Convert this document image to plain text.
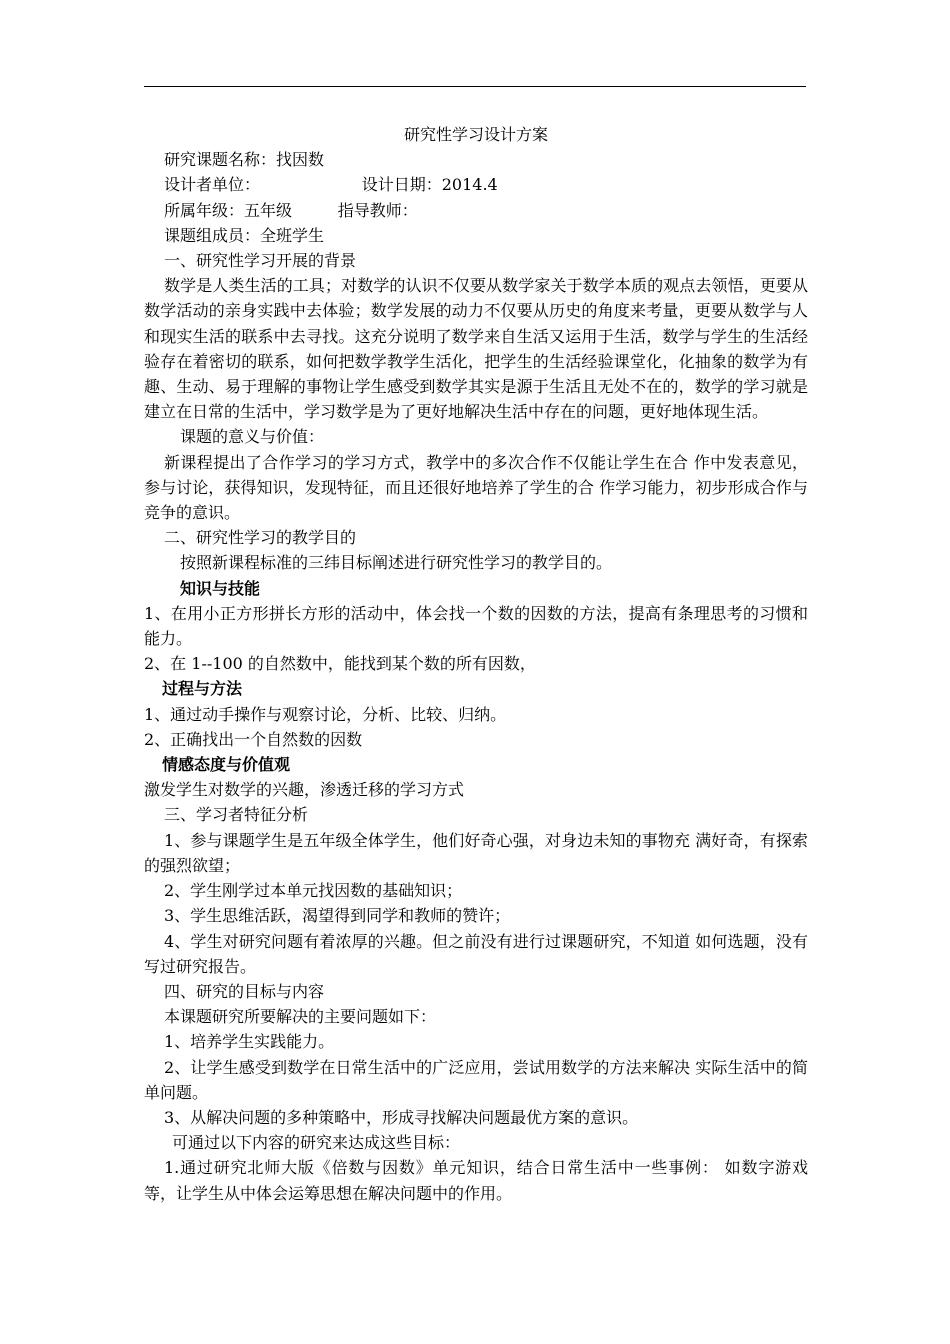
研究性学习设计方案
研究课题名称：找因数
设计者单位：                    设计日期：2014.4
所属年级：五年级         指导教师：
课题组成员：全班学生
一、研究性学习开展的背景

数学是人类生活的工具；对数学的认识不仅要从数学家关于数学本质的观点去领悟，更要从数学活动的亲身实践中去体验；数学发展的动力不仅要从历史的角度来考量，更要从数学与人和现实生活的联系中去寻找。这充分说明了数学来自生活又运用于生活，数学与学生的生活经验存在着密切的联系，如何把数学教学生活化，把学生的生活经验课堂化，化抽象的数学为有趣、生动、易于理解的事物让学生感受到数学其实是源于生活且无处不在的，数学的学习就是建立在日常的生活中，学习数学是为了更好地解决生活中存在的问题，更好地体现生活。

课题的意义与价值：

新课程提出了合作学习的学习方式，教学中的多次合作不仅能让学生在合 作中发表意见，参与讨论，获得知识，发现特征，而且还很好地培养了学生的合 作学习能力，初步形成合作与竞争的意识。

二、研究性学习的教学目的
按照新课程标准的三纬目标阐述进行研究性学习的教学目的。
知识与技能

1、在用小正方形拼长方形的活动中，体会找一个数的因数的方法，提高有条理思考的习惯和能力。

2、在 1--100 的自然数中，能找到某个数的所有因数，

过程与方法

1、通过动手操作与观察讨论，分析、比较、归纳。

2、正确找出一个自然数的因数

情感态度与价值观

激发学生对数学的兴趣，渗透迁移的学习方式

三、学习者特征分析

1、参与课题学生是五年级全体学生，他们好奇心强，对身边未知的事物充 满好奇，有探索的强烈欲望；

2、学生刚学过本单元找因数的基础知识；

3、学生思维活跃，渴望得到同学和教师的赞许；

4、学生对研究问题有着浓厚的兴趣。但之前没有进行过课题研究，不知道 如何选题，没有写过研究报告。

四、研究的目标与内容
本课题研究所要解决的主要问题如下：
1、培养学生实践能力。

2、让学生感受到数学在日常生活中的广泛应用，尝试用数学的方法来解决 实际生活中的简单问题。

3、从解决问题的多种策略中，形成寻找解决问题最优方案的意识。
可通过以下内容的研究来达成这些目标：

1.通过研究北师大版《倍数与因数》单元知识，结合日常生活中一些事例： 如数字游戏等，让学生从中体会运筹思想在解决问题中的作用。
